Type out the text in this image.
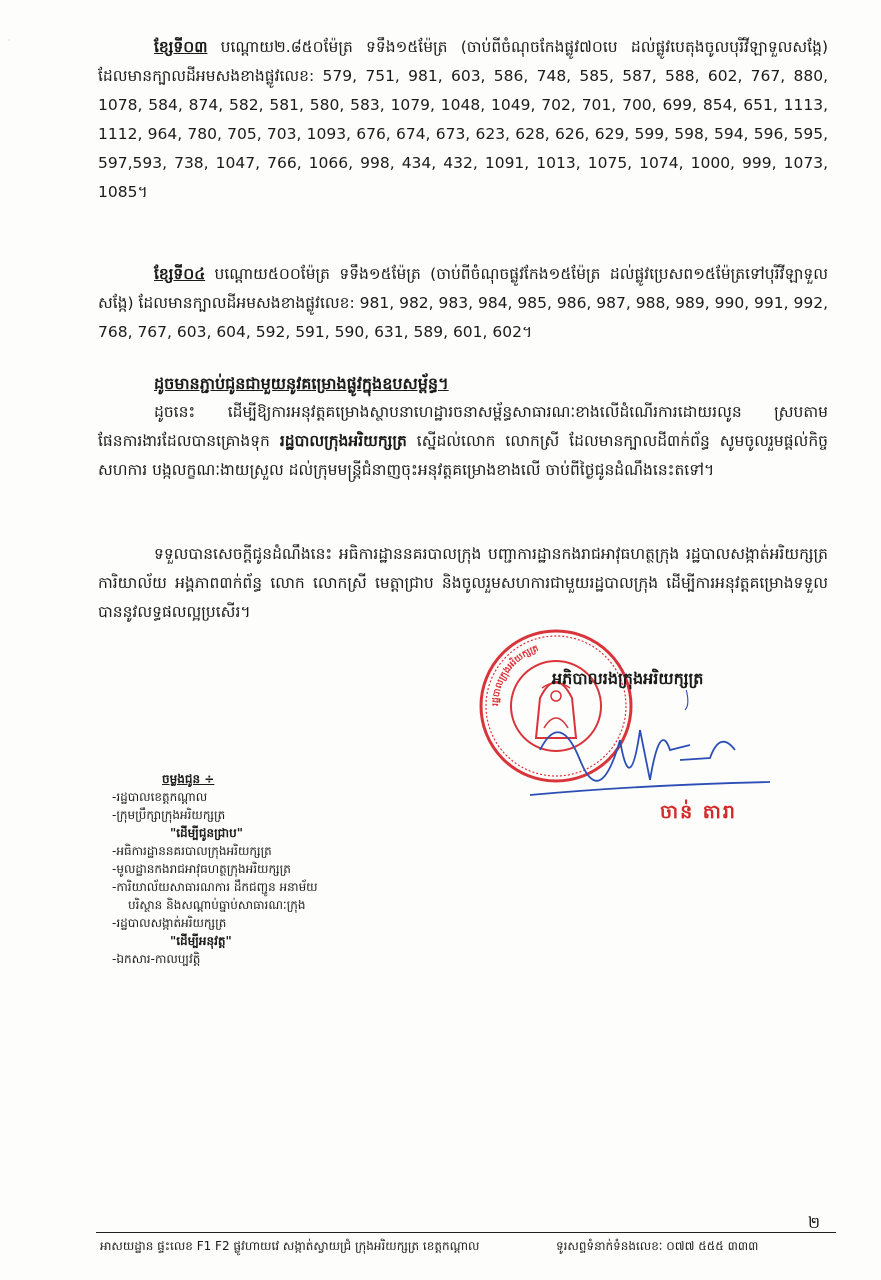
·	ខ្សែទី០៣ បណ្តោយ២.៨៥០ម៉ែត្រ ទទឹង១៥ម៉ែត្រ (ចាប់ពីចំណុចកែងផ្លូវ៧០បេ ដល់ផ្លូវបេតុងចូលបុរីវីឡាទួលសង្កែ) ដែលមានក្បាលដីអមសងខាងផ្លូវលេខ: 579, 751, 981, 603, 586, 748, 585, 587, 588, 602, 767, 880, 1078, 584, 874, 582, 581, 580, 583, 1079, 1048, 1049, 702, 701, 700, 699, 854, 651, 1113, 1112, 964, 780, 705, 703, 1093, 676, 674, 673, 623, 628, 626, 629, 599, 598, 594, 596, 595, 597,593, 738, 1047, 766, 1066, 998, 434, 432, 1091, 1013, 1075, 1074, 1000, 999, 1073, 1085។
ខ្សែទី០៤ បណ្តោយ៥០០ម៉ែត្រ ទទឹង១៥ម៉ែត្រ (ចាប់ពីចំណុចផ្លូវកែង១៥ម៉ែត្រ ដល់ផ្លូវប្រេសព១៥ម៉ែត្រទៅបុរីវីឡាទួលសង្កែ) ដែលមានក្បាលដីអមសងខាងផ្លូវលេខ: 981, 982, 983, 984, 985, 986, 987, 988, 989, 990, 991, 992, 768, 767, 603, 604, 592, 591, 590, 631, 589, 601, 602។
ដូចមានភ្ជាប់ជូនជាមួយនូវគម្រោងផ្លូវក្នុងឧបសម្ព័ន្ធ។
ដូចនេះ ដើម្បីឱ្យការអនុវត្តគម្រោងស្ថាបនាហេដ្ឋារចនាសម្ព័ន្ធសាធារណៈខាងលើដំណើរការដោយរលូន ស្របតាមផែនការងារដែលបានគ្រោងទុក រដ្ឋបាលក្រុងអរិយក្សត្រ ស្នើដល់លោក លោកស្រី ដែលមានក្បាលដី៣ក់ព័ន្ធ សូមចូលរួមផ្តល់កិច្ចសហការ បង្កលក្ខណៈងាយស្រួល ដល់ក្រុមមន្ត្រីជំនាញចុះអនុវត្តគម្រោងខាងលើ ចាប់ពីថ្ងៃជូនដំណឹងនេះតទៅ។
ទទួលបានសេចក្តីជូនដំណឹងនេះ អធិការដ្ឋាននគរបាលក្រុង បញ្ជាការដ្ឋានកងរាជអាវុធហត្ថក្រុង រដ្ឋបាលសង្កាត់អរិយក្សត្រ ការិយាល័យ អង្គភាព៣ក់ព័ន្ធ លោក លោកស្រី មេត្តាជ្រាប និងចូលរួមសហការជាមួយរដ្ឋបាលក្រុង ដើម្បីការអនុវត្តគម្រោងទទួលបាននូវលទ្ធផលល្អប្រសើរ។
រដ្ឋបាលក្រុងអរិយក្សត្រ
អភិបាលរងក្រុងអរិយក្សត្រ
ចាន់ តារា
ចម្លងជូន ÷
-រដ្ឋបាលខេត្តកណ្តាល
-ក្រុមប្រឹក្សាក្រុងអរិយក្សត្រ
"ដើម្បីជូនជ្រាប"
-អធិការដ្ឋាននគរបាលក្រុងអរិយក្សត្រ
-មូលដ្ឋានកងរាជអាវុធហត្ថក្រុងអរិយក្សត្រ
-ការិយាល័យសាធារណការ ដឹកជញ្ជូន អនាម័យ
បរិស្ថាន និងសណ្តាប់ធ្នាប់សាធារណៈក្រុង
-រដ្ឋបាលសង្កាត់អរិយក្សត្រ
"ដើម្បីអនុវត្ត"
-ឯកសារ-កាលប្បវត្តិ
២
អាសយដ្ឋាន ផ្ទះលេខ F1 F2 ផ្លូវហាយវេ សង្កាត់ស្វាយជ្រំ ក្រុងអរិយក្សត្រ ខេត្តកណ្តាល	ទូរសព្ទទំនាក់ទំនងលេខៈ ០៧៧ ៥៥៥ ៣៣៣
